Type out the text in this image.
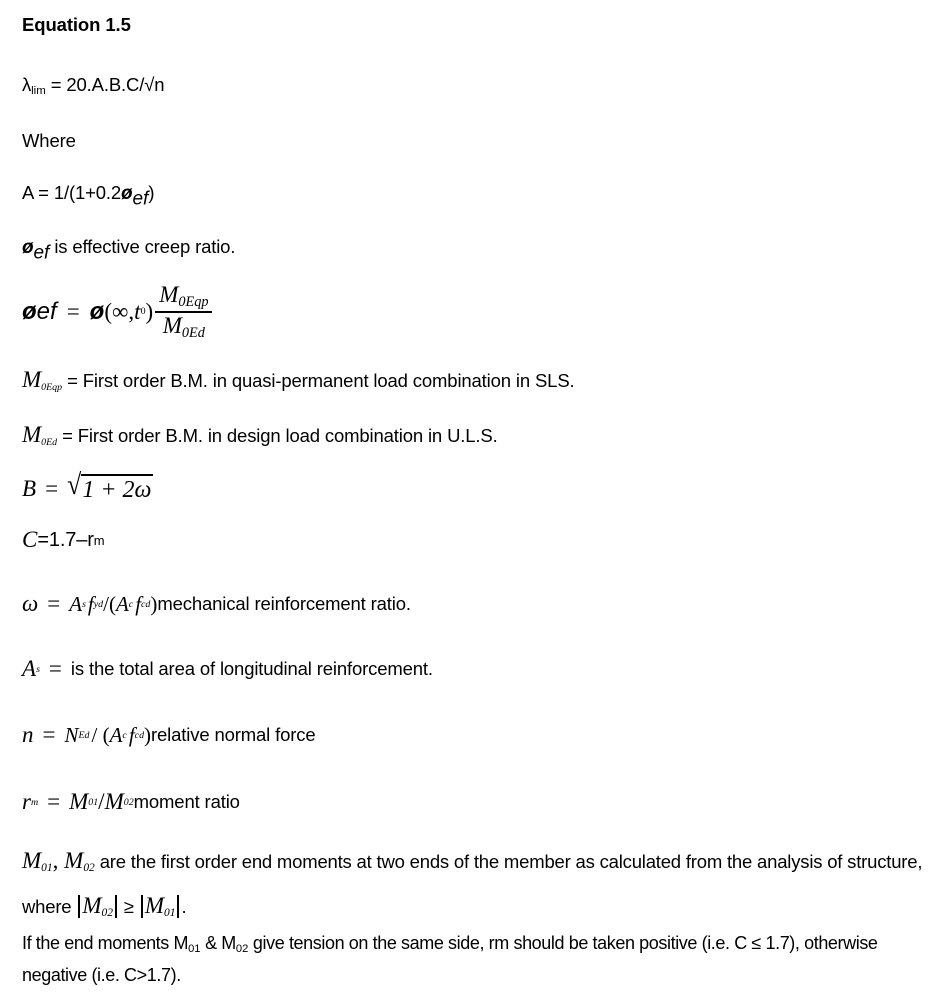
Equation 1.5
λlim = 20.A.B.C/√n
Where
A = 1/(1+0.2øef)
øef is effective creep ratio.
ø ef = ø ( ∞ , t 0 ) $\frac{\text{M0Eqp}}{M0Ed}$
M0Eqp = First order B.M. in quasi-permanent load combination in SLS.
M0Ed = First order B.M. in design load combination in U.L.S.
B = √ 1 + 2ω
C = 1.7 – r m
ω = A s f yd /( A c f cd ) mechanical reinforcement ratio.
A s = is the total area of longitudinal reinforcement.
n = N Ed / ( A c f cd ) relative normal force
r m = M 01 / M 02 moment ratio
M01, M02 are the first order end moments at two ends of the member as calculated from the analysis of structure, where M02 ≥ M01 .
If the end moments M01 & M02 give tension on the same side, rm should be taken positive (i.e. C ≤ 1.7), otherwise negative (i.e. C>1.7).
